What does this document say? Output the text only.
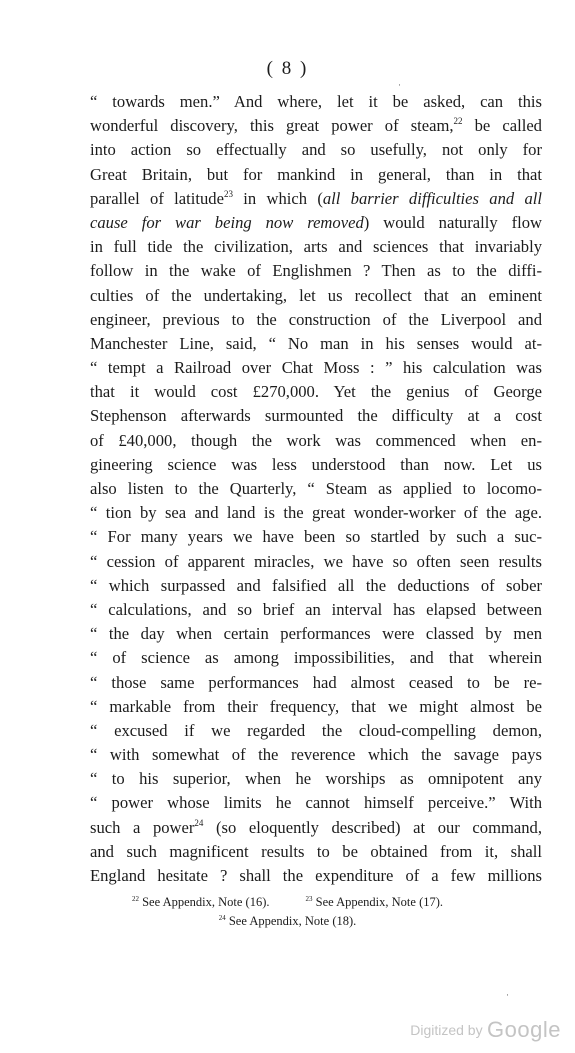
( 8 )
“ towards men.” And where, let it be asked, can this
wonderful discovery, this great power of steam,$^{22}$ be called
into action so effectually and so usefully, not only for
Great Britain, but for mankind in general, than in that
parallel of latitude$^{23}$ in which (all barrier difficulties and all
cause for war being now removed) would naturally flow
in full tide the civilization, arts and sciences that invariably
follow in the wake of Englishmen ? Then as to the diffi-
culties of the undertaking, let us recollect that an eminent
engineer, previous to the construction of the Liverpool and
Manchester Line, said, “ No man in his senses would at-
“ tempt a Railroad over Chat Moss : ” his calculation was
that it would cost £270,000. Yet the genius of George
Stephenson afterwards surmounted the difficulty at a cost
of £40,000, though the work was commenced when en-
gineering science was less understood than now. Let us
also listen to the Quarterly, “ Steam as applied to locomo-
“ tion by sea and land is the great wonder-worker of the age.
“ For many years we have been so startled by such a suc-
“ cession of apparent miracles, we have so often seen results
“ which surpassed and falsified all the deductions of sober
“ calculations, and so brief an interval has elapsed between
“ the day when certain performances were classed by men
“ of science as among impossibilities, and that wherein
“ those same performances had almost ceased to be re-
“ markable from their frequency, that we might almost be
“ excused if we regarded the cloud-compelling demon,
“ with somewhat of the reverence which the savage pays
“ to his superior, when he worships as omnipotent any
“ power whose limits he cannot himself perceive.” With
such a power$^{24}$ (so eloquently described) at our command,
and such magnificent results to be obtained from it, shall
England hesitate ? shall the expenditure of a few millions
$^{22}$ See Appendix, Note (16).	$^{23}$ See Appendix, Note (17).
$^{24}$ See Appendix, Note (18).
·
·
Digitized by Google
